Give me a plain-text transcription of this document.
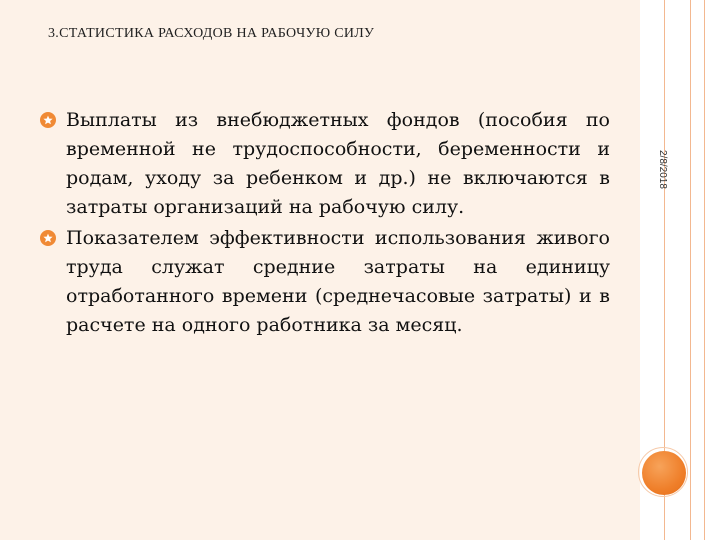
3.СТАТИСТИКА РАСХОДОВ НА РАБОЧУЮ СИЛУ
Выплаты из внебюджетных фондов (пособия по временной не трудоспособности, беременности и родам, уходу за ребенком и др.) не включаются в затраты организаций на рабочую силу.
Показателем эффективности использования живого труда служат средние затраты на единицу отработанного времени (среднечасовые затраты) и в расчете на одного работника за месяц.
2/8/2018
